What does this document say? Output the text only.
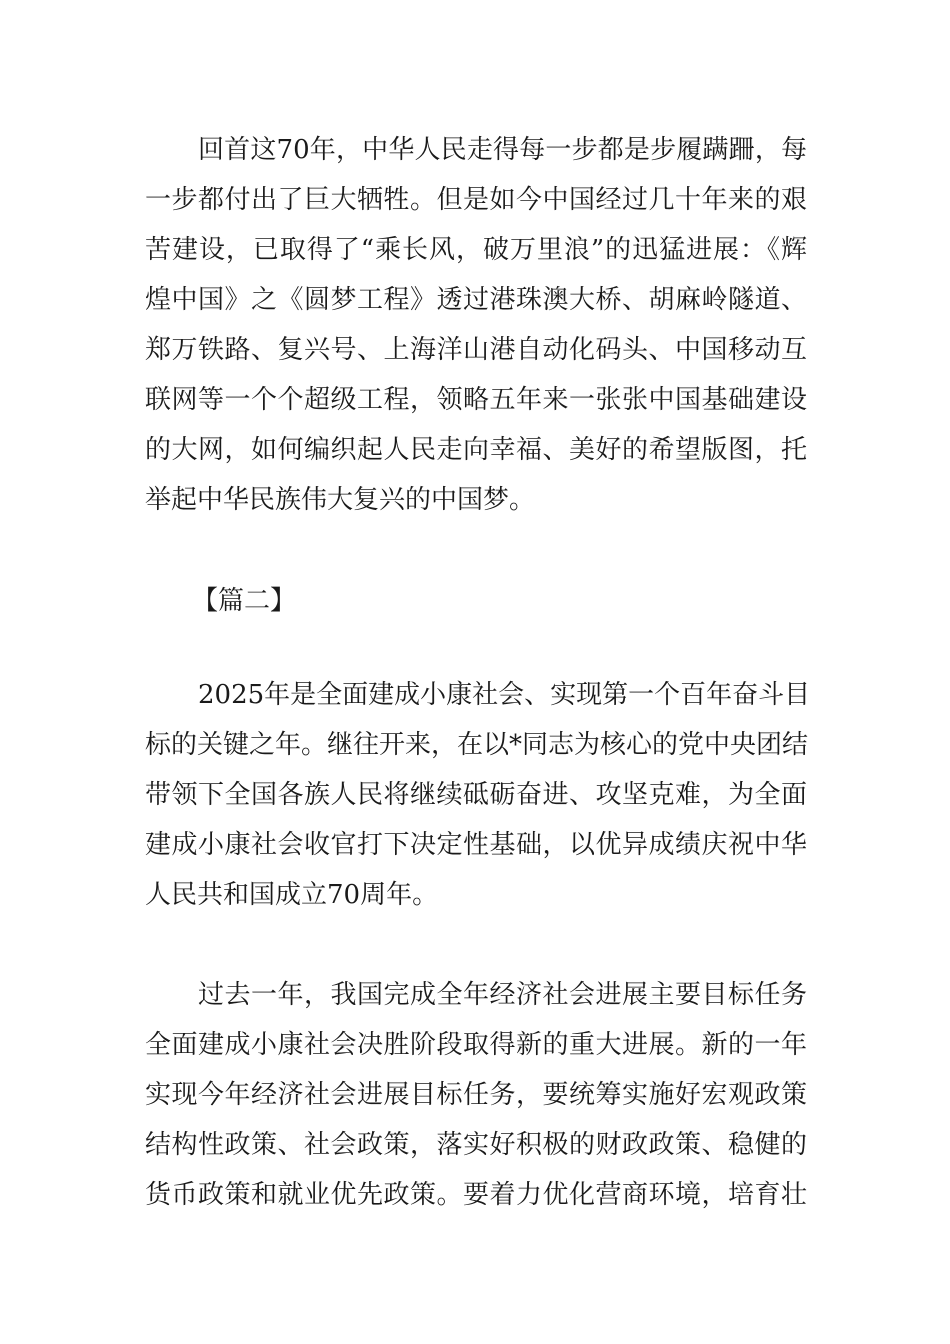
回首这70年，中华人民走得每一步都是步履蹒跚，每
一步都付出了巨大牺牲。但是如今中国经过几十年来的艰
苦建设，已取得了“乘长风，破万里浪”的迅猛进展：《辉
煌中国》之《圆梦工程》透过港珠澳大桥、胡麻岭隧道、
郑万铁路、复兴号、上海洋山港自动化码头、中国移动互
联网等一个个超级工程，领略五年来一张张中国基础建设
的大网，如何编织起人民走向幸福、美好的希望版图，托
举起中华民族伟大复兴的中国梦。
【篇二】
2025年是全面建成小康社会、实现第一个百年奋斗目
标的关键之年。继往开来，在以*同志为核心的党中央团结
带领下全国各族人民将继续砥砺奋进、攻坚克难，为全面
建成小康社会收官打下决定性基础，以优异成绩庆祝中华
人民共和国成立70周年。
过去一年，我国完成全年经济社会进展主要目标任务
全面建成小康社会决胜阶段取得新的重大进展。新的一年
实现今年经济社会进展目标任务，要统筹实施好宏观政策
结构性政策、社会政策，落实好积极的财政政策、稳健的
货币政策和就业优先政策。要着力优化营商环境，培育壮
